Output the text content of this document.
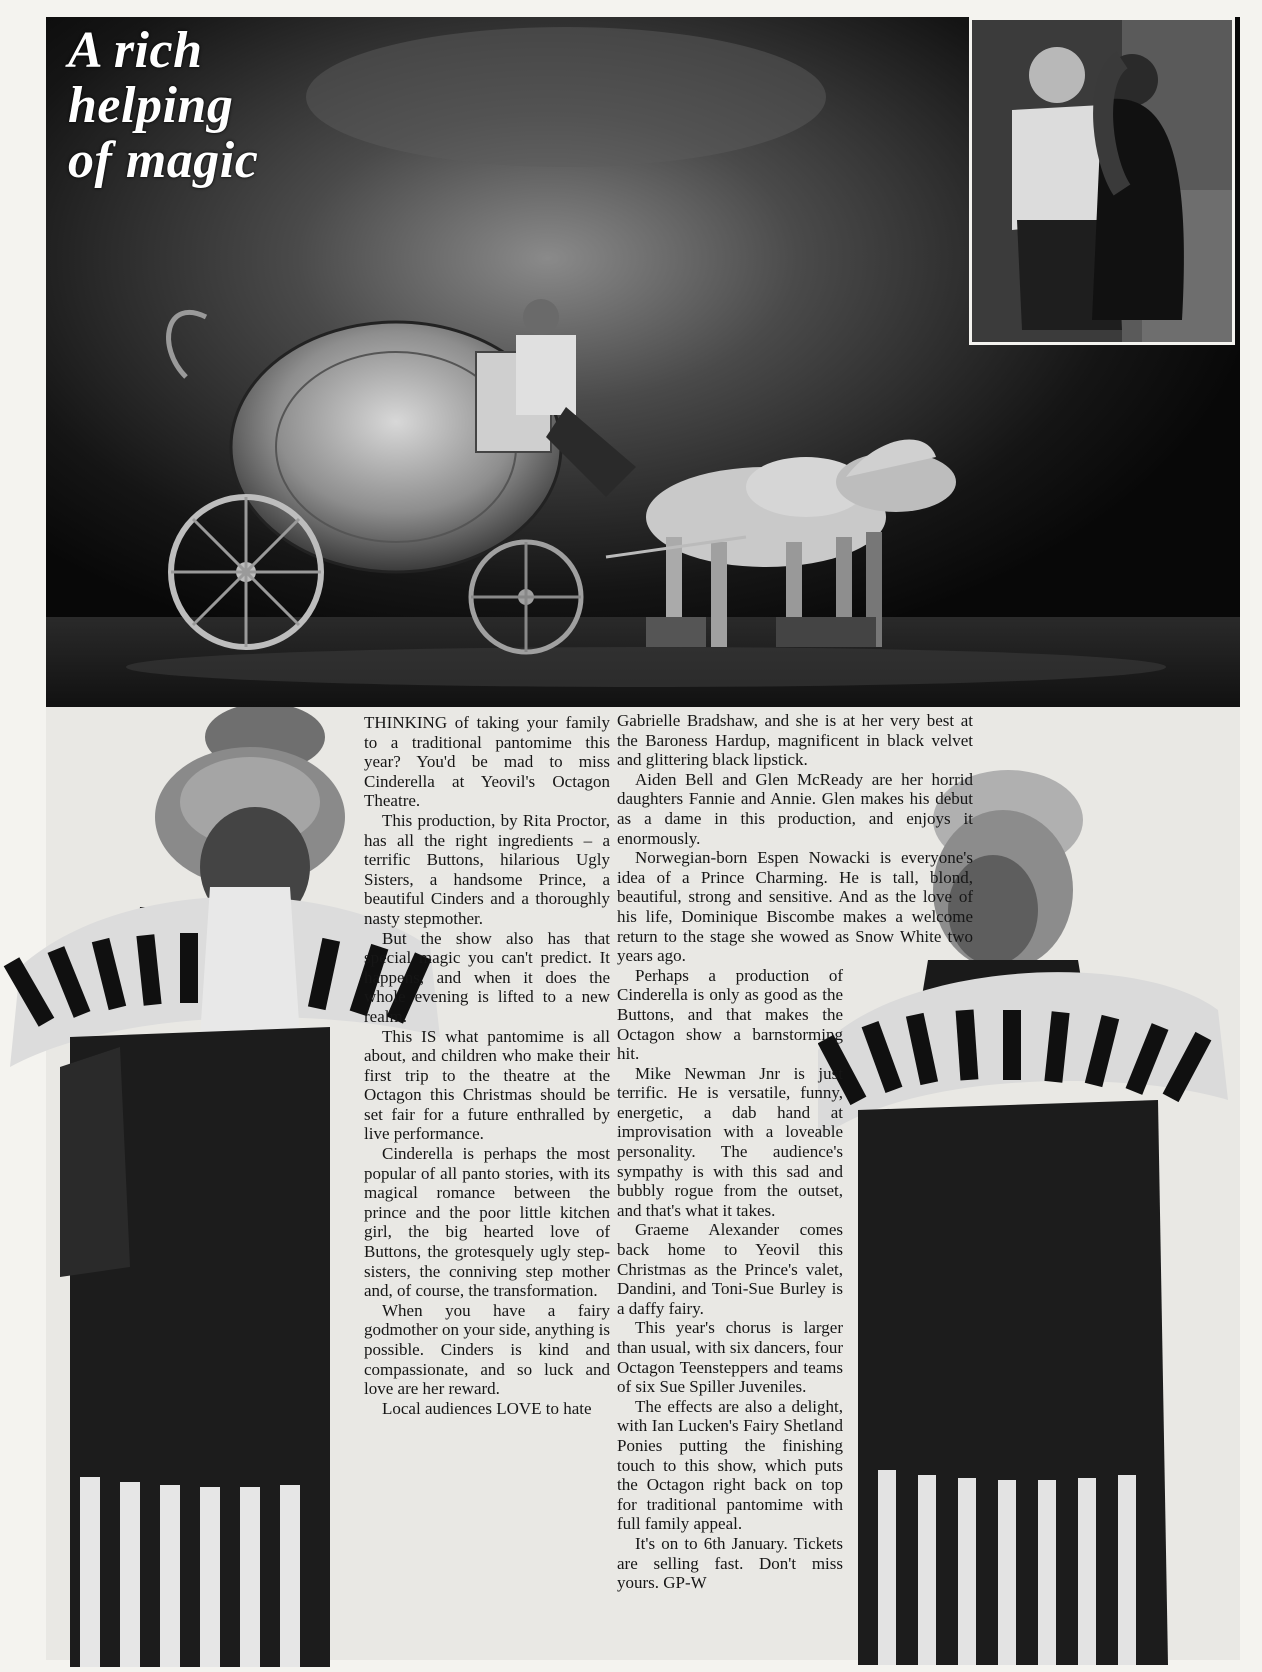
A rich
helping
of magic

THINKING of taking your family to a traditional pantomime this year? You'd be mad to miss Cinderella at Yeovil's Octagon Theatre.

This production, by Rita Proctor, has all the right ingredients – a terrific Buttons, hilarious Ugly Sisters, a handsome Prince, a beautiful Cinders and a thoroughly nasty stepmother.

But the show also has that special magic you can't predict. It happens, and when it does the whole evening is lifted to a new realm.

This IS what pantomime is all about, and children who make their first trip to the theatre at the Octagon this Christmas should be set fair for a future enthralled by live performance.

Cinderella is perhaps the most popular of all panto stories, with its magical romance between the prince and the poor little kitchen girl, the big hearted love of Buttons, the grotesquely ugly step-sisters, the conniving step mother and, of course, the transformation.

When you have a fairy godmother on your side, anything is possible. Cinders is kind and compassionate, and so luck and love are her reward.

Local audiences LOVE to hate

Gabrielle Bradshaw, and she is at her very best at the Baroness Hardup, magnificent in black velvet and glittering black lipstick.

Aiden Bell and Glen McReady are her horrid daughters Fannie and Annie. Glen makes his debut as a dame in this production, and enjoys it enormously.

Norwegian-born Espen Nowacki is everyone's idea of a Prince Charming. He is tall, blond, beautiful, strong and sensitive. And as the love of his life, Dominique Biscombe makes a welcome return to the stage she wowed as Snow White two years ago.

Perhaps a production of Cinderella is only as good as the Buttons, and that makes the Octagon show a barnstorming hit.

Mike Newman Jnr is just terrific. He is versatile, funny, energetic, a dab hand at improvisation with a loveable personality. The audience's sympathy is with this sad and bubbly rogue from the outset, and that's what it takes.

Graeme Alexander comes back home to Yeovil this Christmas as the Prince's valet, Dandini, and Toni-Sue Burley is a daffy fairy.

This year's chorus is larger than usual, with six dancers, four Octagon Teensteppers and teams of six Sue Spiller Juveniles.

The effects are also a delight, with Ian Lucken's Fairy Shetland Ponies putting the finishing touch to this show, which puts the Octagon right back on top for traditional pantomime with full family appeal.

It's on to 6th January. Tickets are selling fast. Don't miss yours. GP-W
